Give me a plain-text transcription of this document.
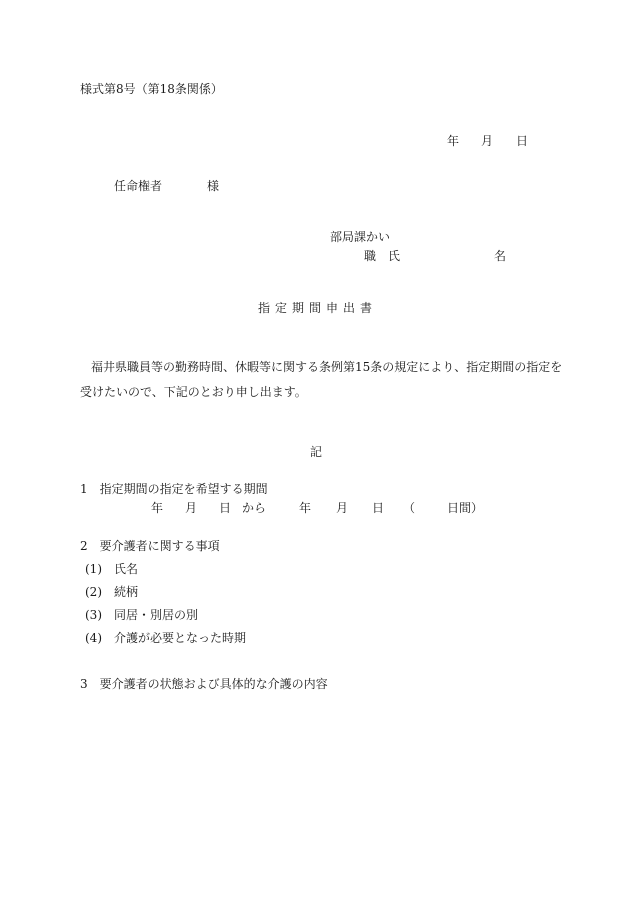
様式第8号（第18条関係）
年 月 日
任命権者	様
部局課かい
職　氏	名
指定期間申出書
福井県職員等の勤務時間、休暇等に関する条例第15条の規定により、指定期間の指定を
受けたいので、下記のとおり申し出ます。
記
1　指定期間の指定を希望する期間
年 月 日 から	年 月 日 （	日間）
2　要介護者に関する事項
(1) 氏名
(2) 続柄
(3) 同居・別居の別
(4) 介護が必要となった時期
3　要介護者の状態および具体的な介護の内容
